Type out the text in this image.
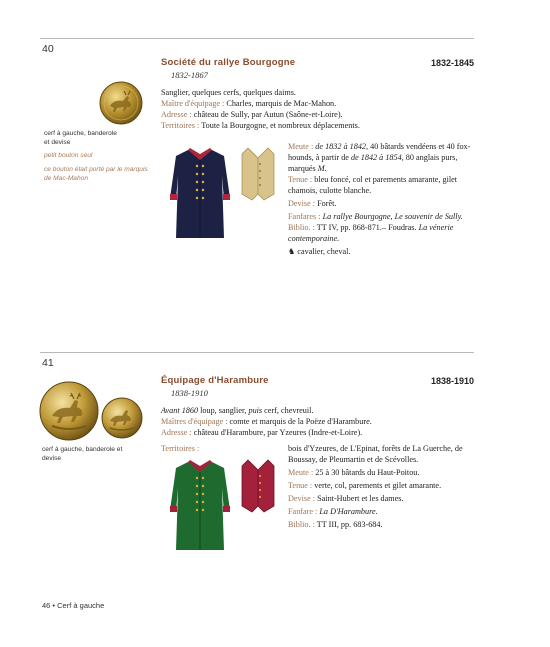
40
Société du rallye Bourgogne	1832-1845
1832-1867
cerf à gauche, banderole et devise
petit bouton seul
ce bouton était porté par le marquis de Mac-Mahon
Sanglier, quelques cerfs, quelques daims.
Maître d'équipage : Charles, marquis de Mac-Mahon.
Adresse : château de Sully, par Autun (Saône-et-Loire).
Territoires : Toute la Bourgogne, et nombreux déplacements.
Meute : de 1832 à 1842, 40 bâtards vendéens et 40 fox-hounds, à partir de de 1842 à 1854, 80 anglais purs, marqués M.
Tenue : bleu foncé, col et parements amarante, gilet chamois, culotte blanche.
Devise : Forêt.
Fanfares : La rallye Bourgogne, Le souvenir de Sully.
Biblio. : TT IV, pp. 868-871.– Foudras. La vénerie contemporaine.
♞ cavalier, cheval.
41
Équipage d'Harambure	1838-1910
1838-1910
cerf à gauche, banderole et devise
Avant 1860 loup, sanglier, puis cerf, chevreuil.
Maîtres d'équipage : comte et marquis de la Poëze d'Harambure.
Adresse : château d'Harambure, par Yzeures (Indre-et-Loire).
Territoires :	bois d'Yzeures, de L'Epinat, forêts de La Guerche, de Boussay, de Pleumartin et de Scévolles.
Meute : 25 à 30 bâtards du Haut-Poitou.
Tenue : verte, col, parements et gilet amarante.
Devise : Saint-Hubert et les dames.
Fanfare : La D'Harambure.
Biblio. : TT III, pp. 683-684.
46 • Cerf à gauche
